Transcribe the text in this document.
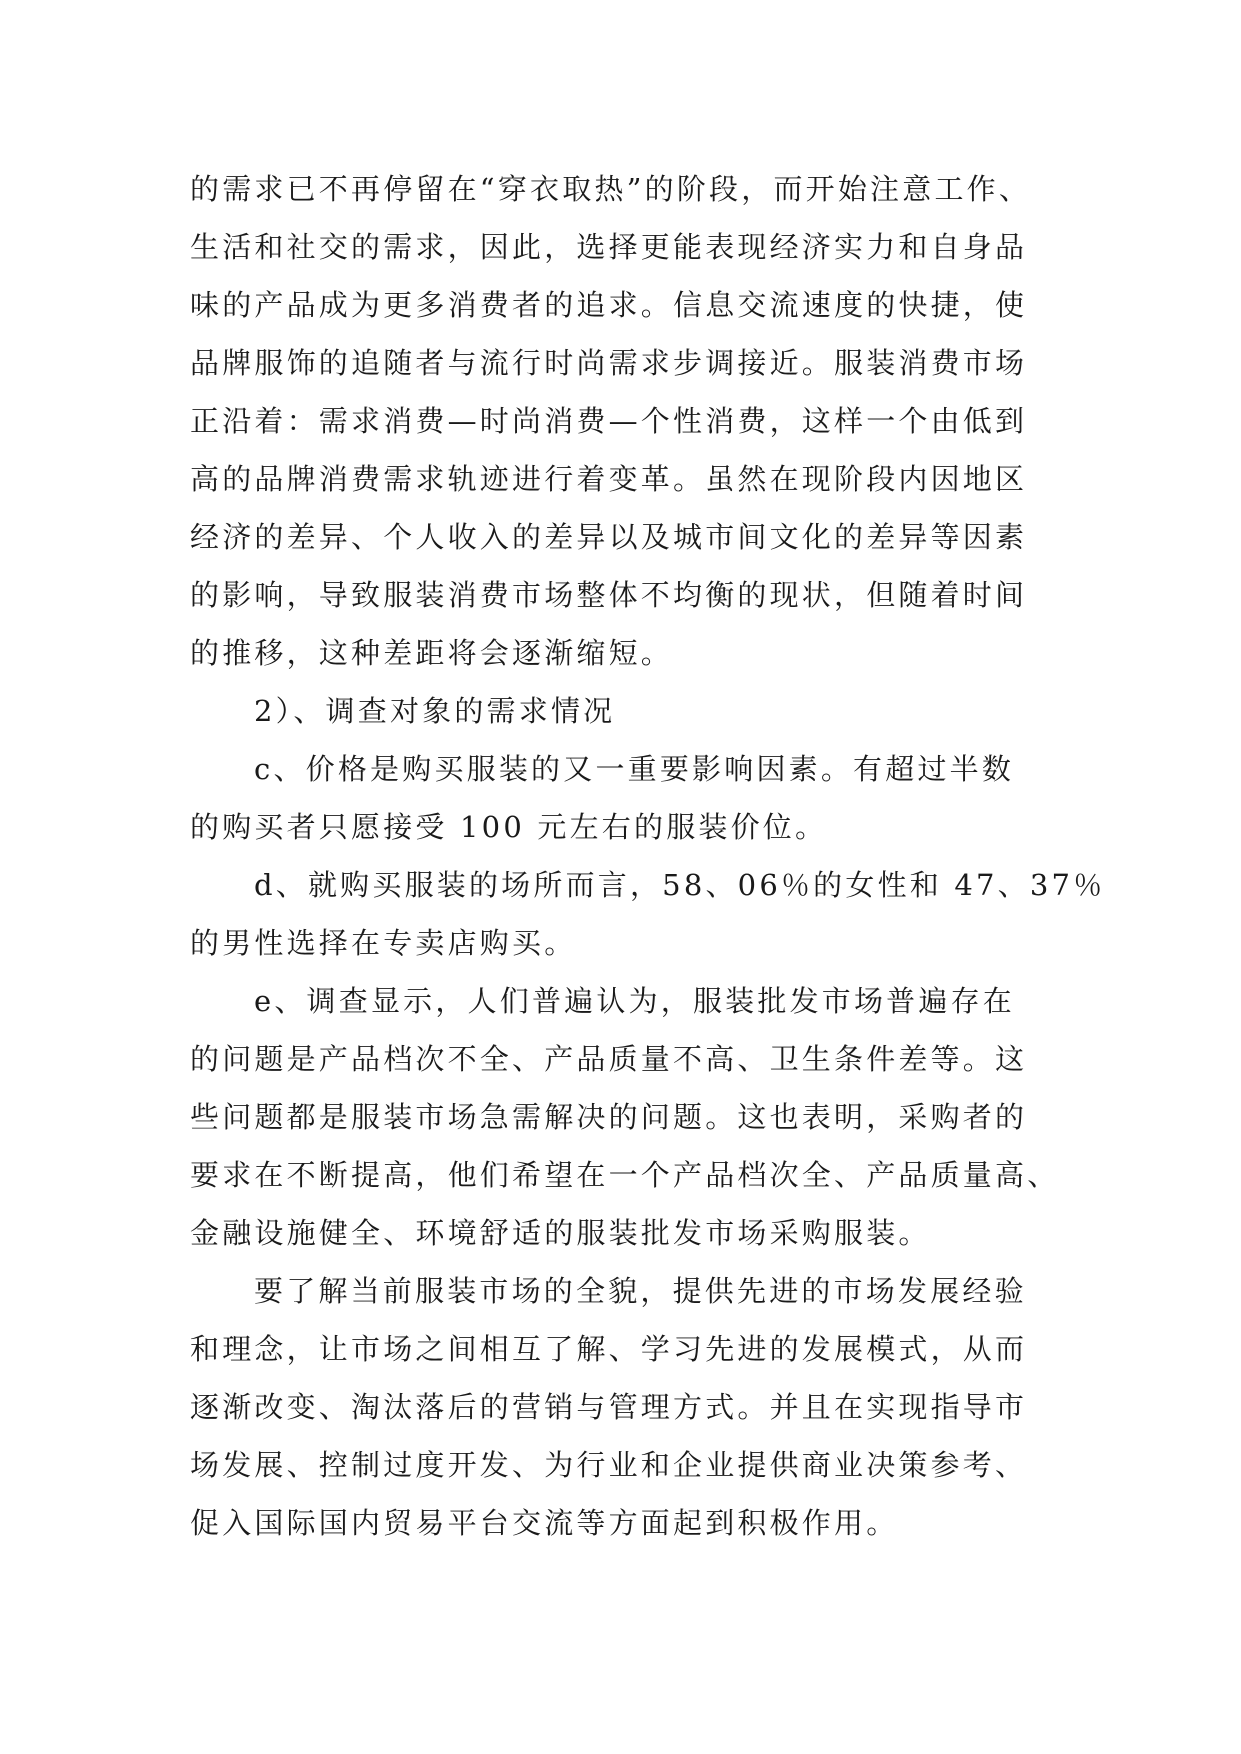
的需求已不再停留在“穿衣取热”的阶段，而开始注意工作、
生活和社交的需求，因此，选择更能表现经济实力和自身品
味的产品成为更多消费者的追求。信息交流速度的快捷，使
品牌服饰的追随者与流行时尚需求步调接近。服装消费市场
正沿着：需求消费—时尚消费—个性消费，这样一个由低到
高的品牌消费需求轨迹进行着变革。虽然在现阶段内因地区
经济的差异、个人收入的差异以及城市间文化的差异等因素
的影响，导致服装消费市场整体不均衡的现状，但随着时间
的推移，这种差距将会逐渐缩短。
2）、调查对象的需求情况
c、价格是购买服装的又一重要影响因素。有超过半数
的购买者只愿接受 100 元左右的服装价位。
d、就购买服装的场所而言，58、06％的女性和 47、37％
的男性选择在专卖店购买。
e、调查显示，人们普遍认为，服装批发市场普遍存在
的问题是产品档次不全、产品质量不高、卫生条件差等。这
些问题都是服装市场急需解决的问题。这也表明，采购者的
要求在不断提高，他们希望在一个产品档次全、产品质量高、
金融设施健全、环境舒适的服装批发市场采购服装。
要了解当前服装市场的全貌，提供先进的市场发展经验
和理念，让市场之间相互了解、学习先进的发展模式，从而
逐渐改变、淘汰落后的营销与管理方式。并且在实现指导市
场发展、控制过度开发、为行业和企业提供商业决策参考、
促入国际国内贸易平台交流等方面起到积极作用。
